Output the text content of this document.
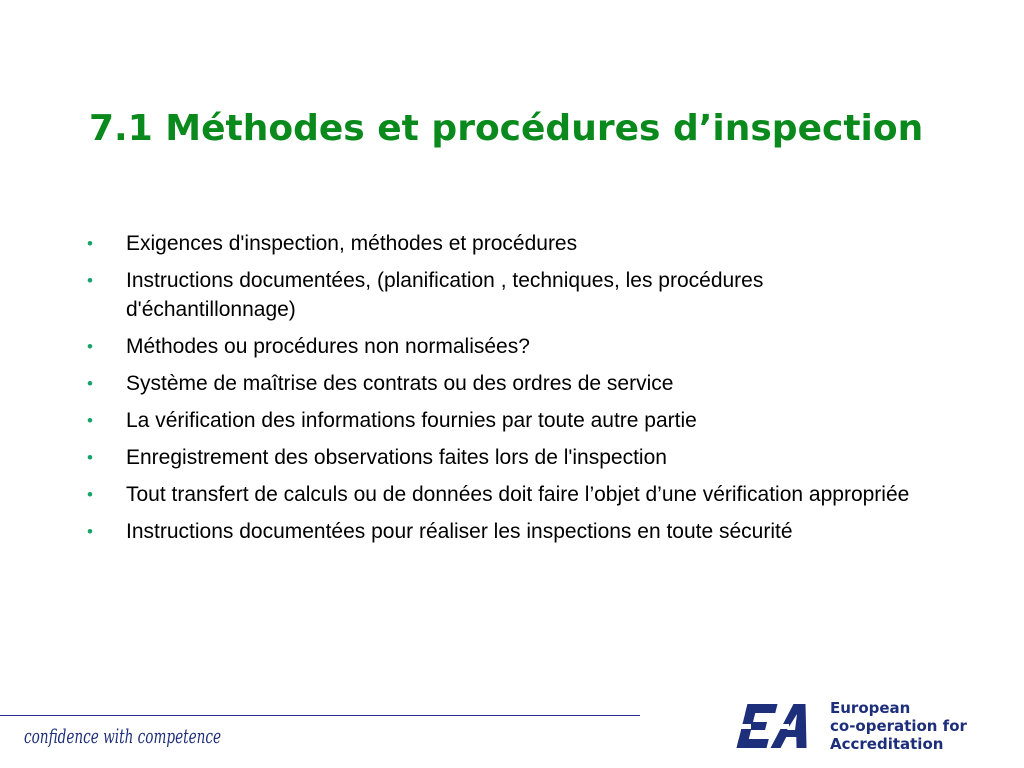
7.1 Méthodes et procédures d’inspection
• Exigences d'inspection, méthodes et procédures
• Instructions documentées, (planification , techniques, les procédures d'échantillonnage)
• Méthodes ou procédures non normalisées?
• Système de maîtrise des contrats ou des ordres de service
• La vérification des informations fournies par toute autre partie
• Enregistrement des observations faites lors de l'inspection
• Tout transfert de calculs ou de données doit faire l’objet d’une vérification appropriée
• Instructions documentées pour réaliser les inspections en toute sécurité
confidence with competence
European
co-operation for
Accreditation
